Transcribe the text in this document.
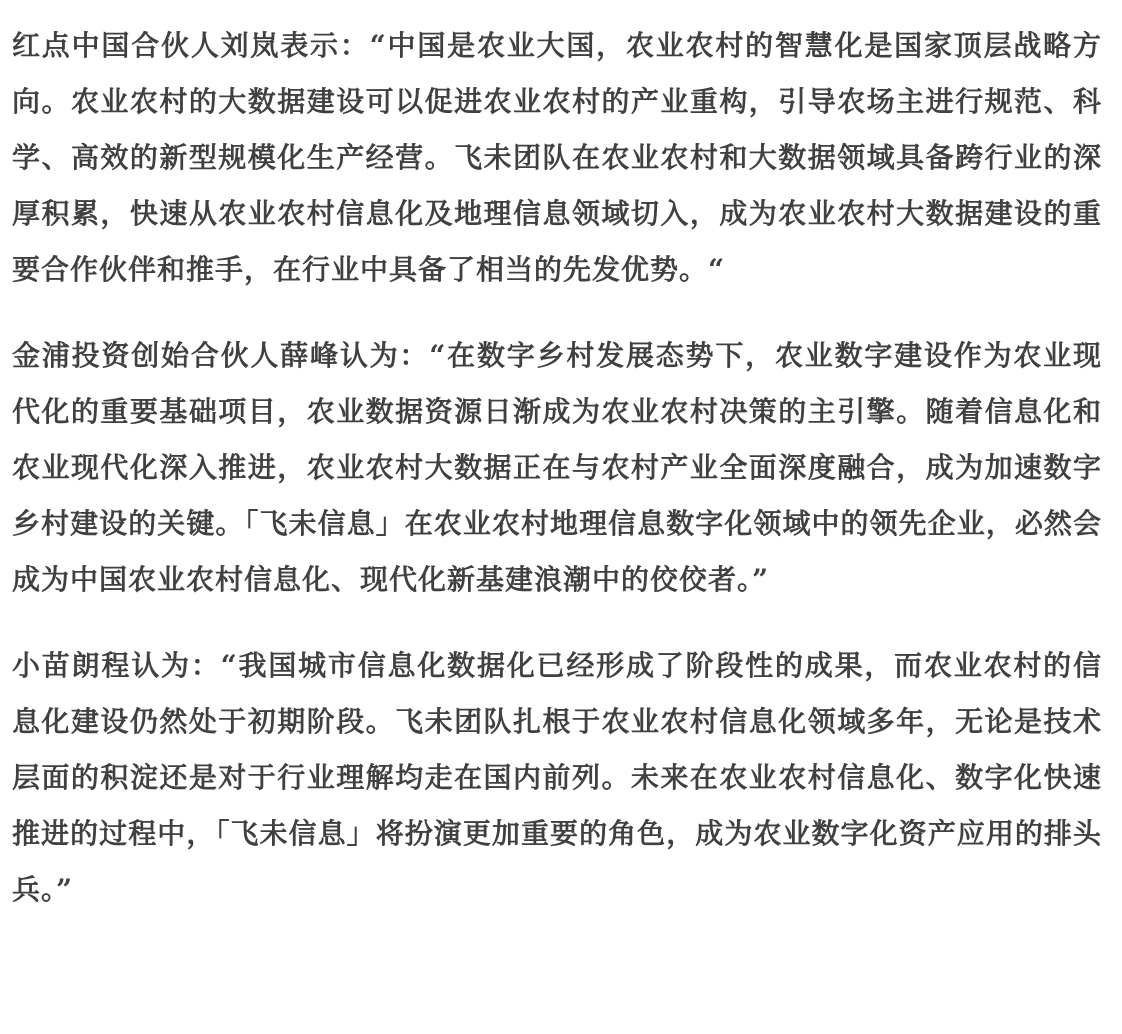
红点中国合伙人刘岚表示：“中国是农业大国，农业农村的智慧化是国家顶层战略方向。农业农村的大数据建设可以促进农业农村的产业重构，引导农场主进行规范、科学、高效的新型规模化生产经营。飞未团队在农业农村和大数据领域具备跨行业的深厚积累，快速从农业农村信息化及地理信息领域切入，成为农业农村大数据建设的重要合作伙伴和推手，在行业中具备了相当的先发优势。“

金浦投资创始合伙人薛峰认为：“在数字乡村发展态势下，农业数字建设作为农业现代化的重要基础项目，农业数据资源日渐成为农业农村决策的主引擎。随着信息化和农业现代化深入推进，农业农村大数据正在与农村产业全面深度融合，成为加速数字乡村建设的关键。「飞未信息」在农业农村地理信息数字化领域中的领先企业，必然会成为中国农业农村信息化、现代化新基建浪潮中的佼佼者。”

小苗朗程认为：“我国城市信息化数据化已经形成了阶段性的成果，而农业农村的信息化建设仍然处于初期阶段。飞未团队扎根于农业农村信息化领域多年，无论是技术层面的积淀还是对于行业理解均走在国内前列。未来在农业农村信息化、数字化快速推进的过程中，「飞未信息」将扮演更加重要的角色，成为农业数字化资产应用的排头兵。”
